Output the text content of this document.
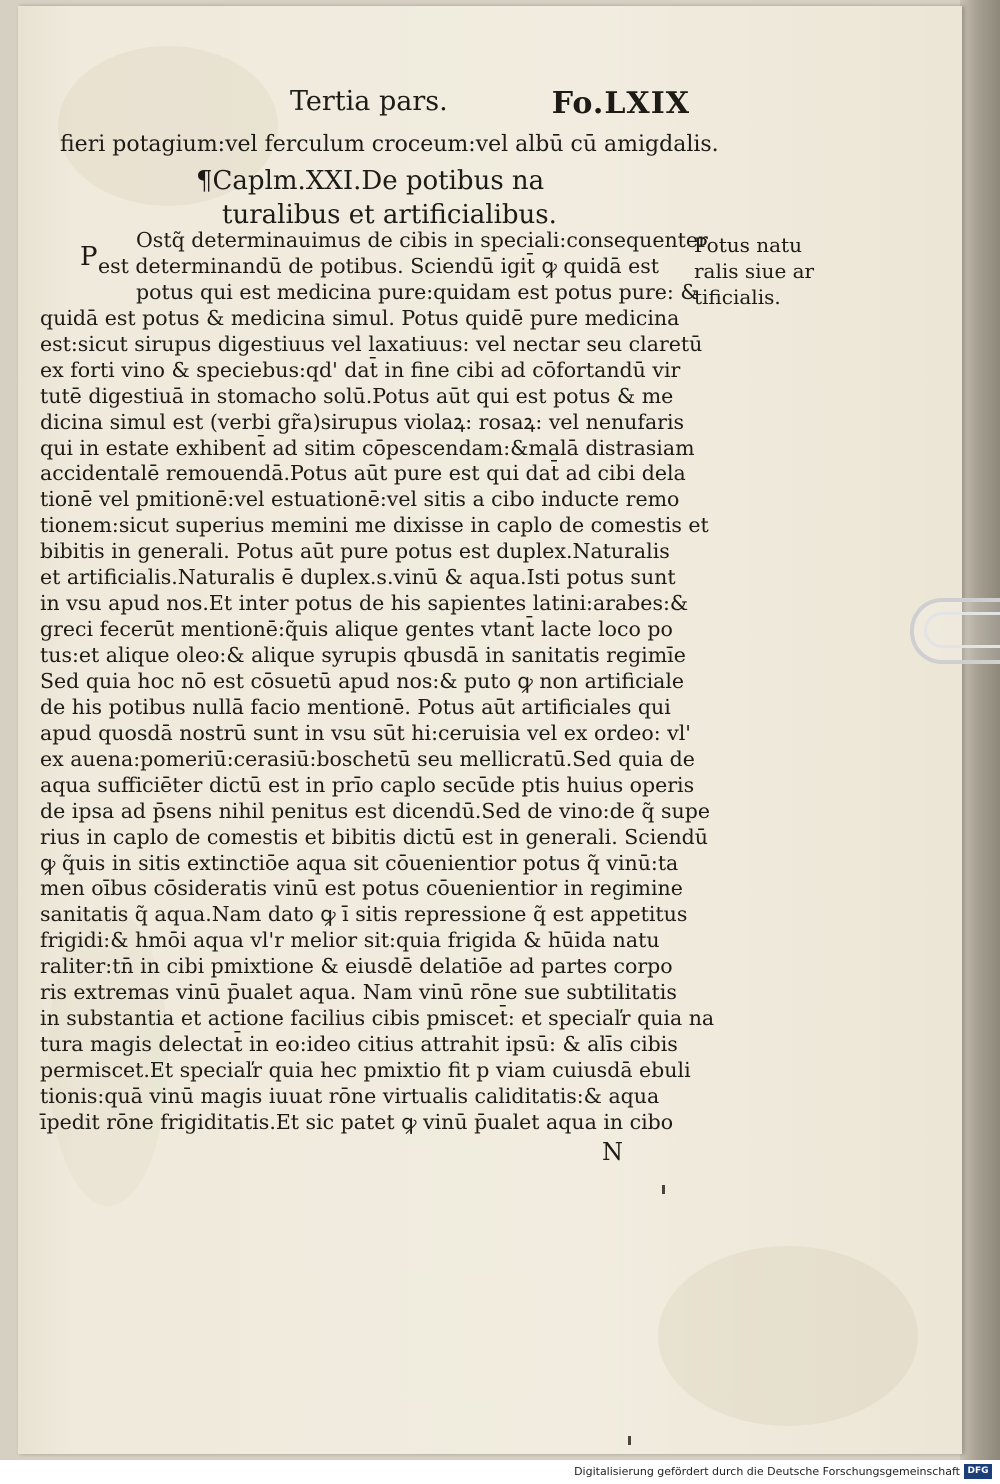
Tertia pars.	Fo.LXIX
fieri potagium:vel ferculum croceum:vel albū cū amigdalis.
¶Caplm.XXI.De potibus na
turalibus et artificialibus.
P
Ostq̃ determinauimus de cibis in speciali:consequenter
est determinandū de potibus. Sciendū igit̄ ꝙ quidā est
potus qui est medicina pure:quidam est potus pure: &
quidā est potus & medicina simul. Potus quidē pure medicina
est:sicut sirupus digestiuus vel laxatiuus: vel nectar seu claretū
ex forti vino & speciebus:qd' dat̄ in fine cibi ad cōfortandū vir
tutē digestiuā in stomacho solū.Potus aūt qui est potus & me
dicina simul est (verbi gr̃a)sirupus violaꝝ: rosaꝝ: vel nenufaris
qui in estate exhibent̄ ad sitim cōpescendam:&malā distrasiam
accidentalē remouendā.Potus aūt pure est qui dat̄ ad cibi dela
tionē vel pmitionē:vel estuationē:vel sitis a cibo inducte remo
tionem:sicut superius memini me dixisse in caplo de comestis et
bibitis in generali. Potus aūt pure potus est duplex.Naturalis
et artificialis.Naturalis ē duplex.s.vinū & aqua.Isti potus sunt
in vsu apud nos.Et inter potus de his sapientes latini:arabes:&
greci fecerūt mentionē:q̃uis alique gentes vtant̄ lacte loco po
tus:et alique oleo:& alique syrupis qbusdā in sanitatis regimīe
Sed quia hoc nō est cōsuetū apud nos:& puto ꝙ non artificiale
de his potibus nullā facio mentionē. Potus aūt artificiales qui
apud quosdā nostrū sunt in vsu sūt hi:ceruisia vel ex ordeo: vl'
ex auena:pomeriū:cerasiū:boschetū seu mellicratū.Sed quia de
aqua sufficiēter dictū est in prīo caplo secūde ptis huius operis
de ipsa ad p̄sens nihil penitus est dicendū.Sed de vino:de q̃ supe
rius in caplo de comestis et bibitis dictū est in generali. Sciendū
ꝙ q̃uis in sitis extinctiōe aqua sit cōuenientior potus q̃ vinū:ta
men oībus cōsideratis vinū est potus cōuenientior in regimine
sanitatis q̃ aqua.Nam dato ꝙ ī sitis repressione q̃ est appetitus
frigidi:& hmōi aqua vl'r melior sit:quia frigida & hūida natu
raliter:tn̄ in cibi pmixtione & eiusdē delatiōe ad partes corpo
ris extremas vinū p̄ualet aqua. Nam vinū rōne sue subtilitatis
in substantia et actione facilius cibis pmiscet̄: et speciaľr quia na
tura magis delectat̄ in eo:ideo citius attrahit ipsū: & alīs cibis
permiscet.Et speciaľr quia hec pmixtio fit p viam cuiusdā ebuli
tionis:quā vinū magis iuuat rōne virtualis caliditatis:& aqua
īpedit rōne frigiditatis.Et sic patet ꝙ vinū p̄ualet aqua in cibo
Potus natu
ralis siue ar
tificialis.
N
Digitalisierung gefördert durch die Deutsche Forschungsgemeinschaft DFG
